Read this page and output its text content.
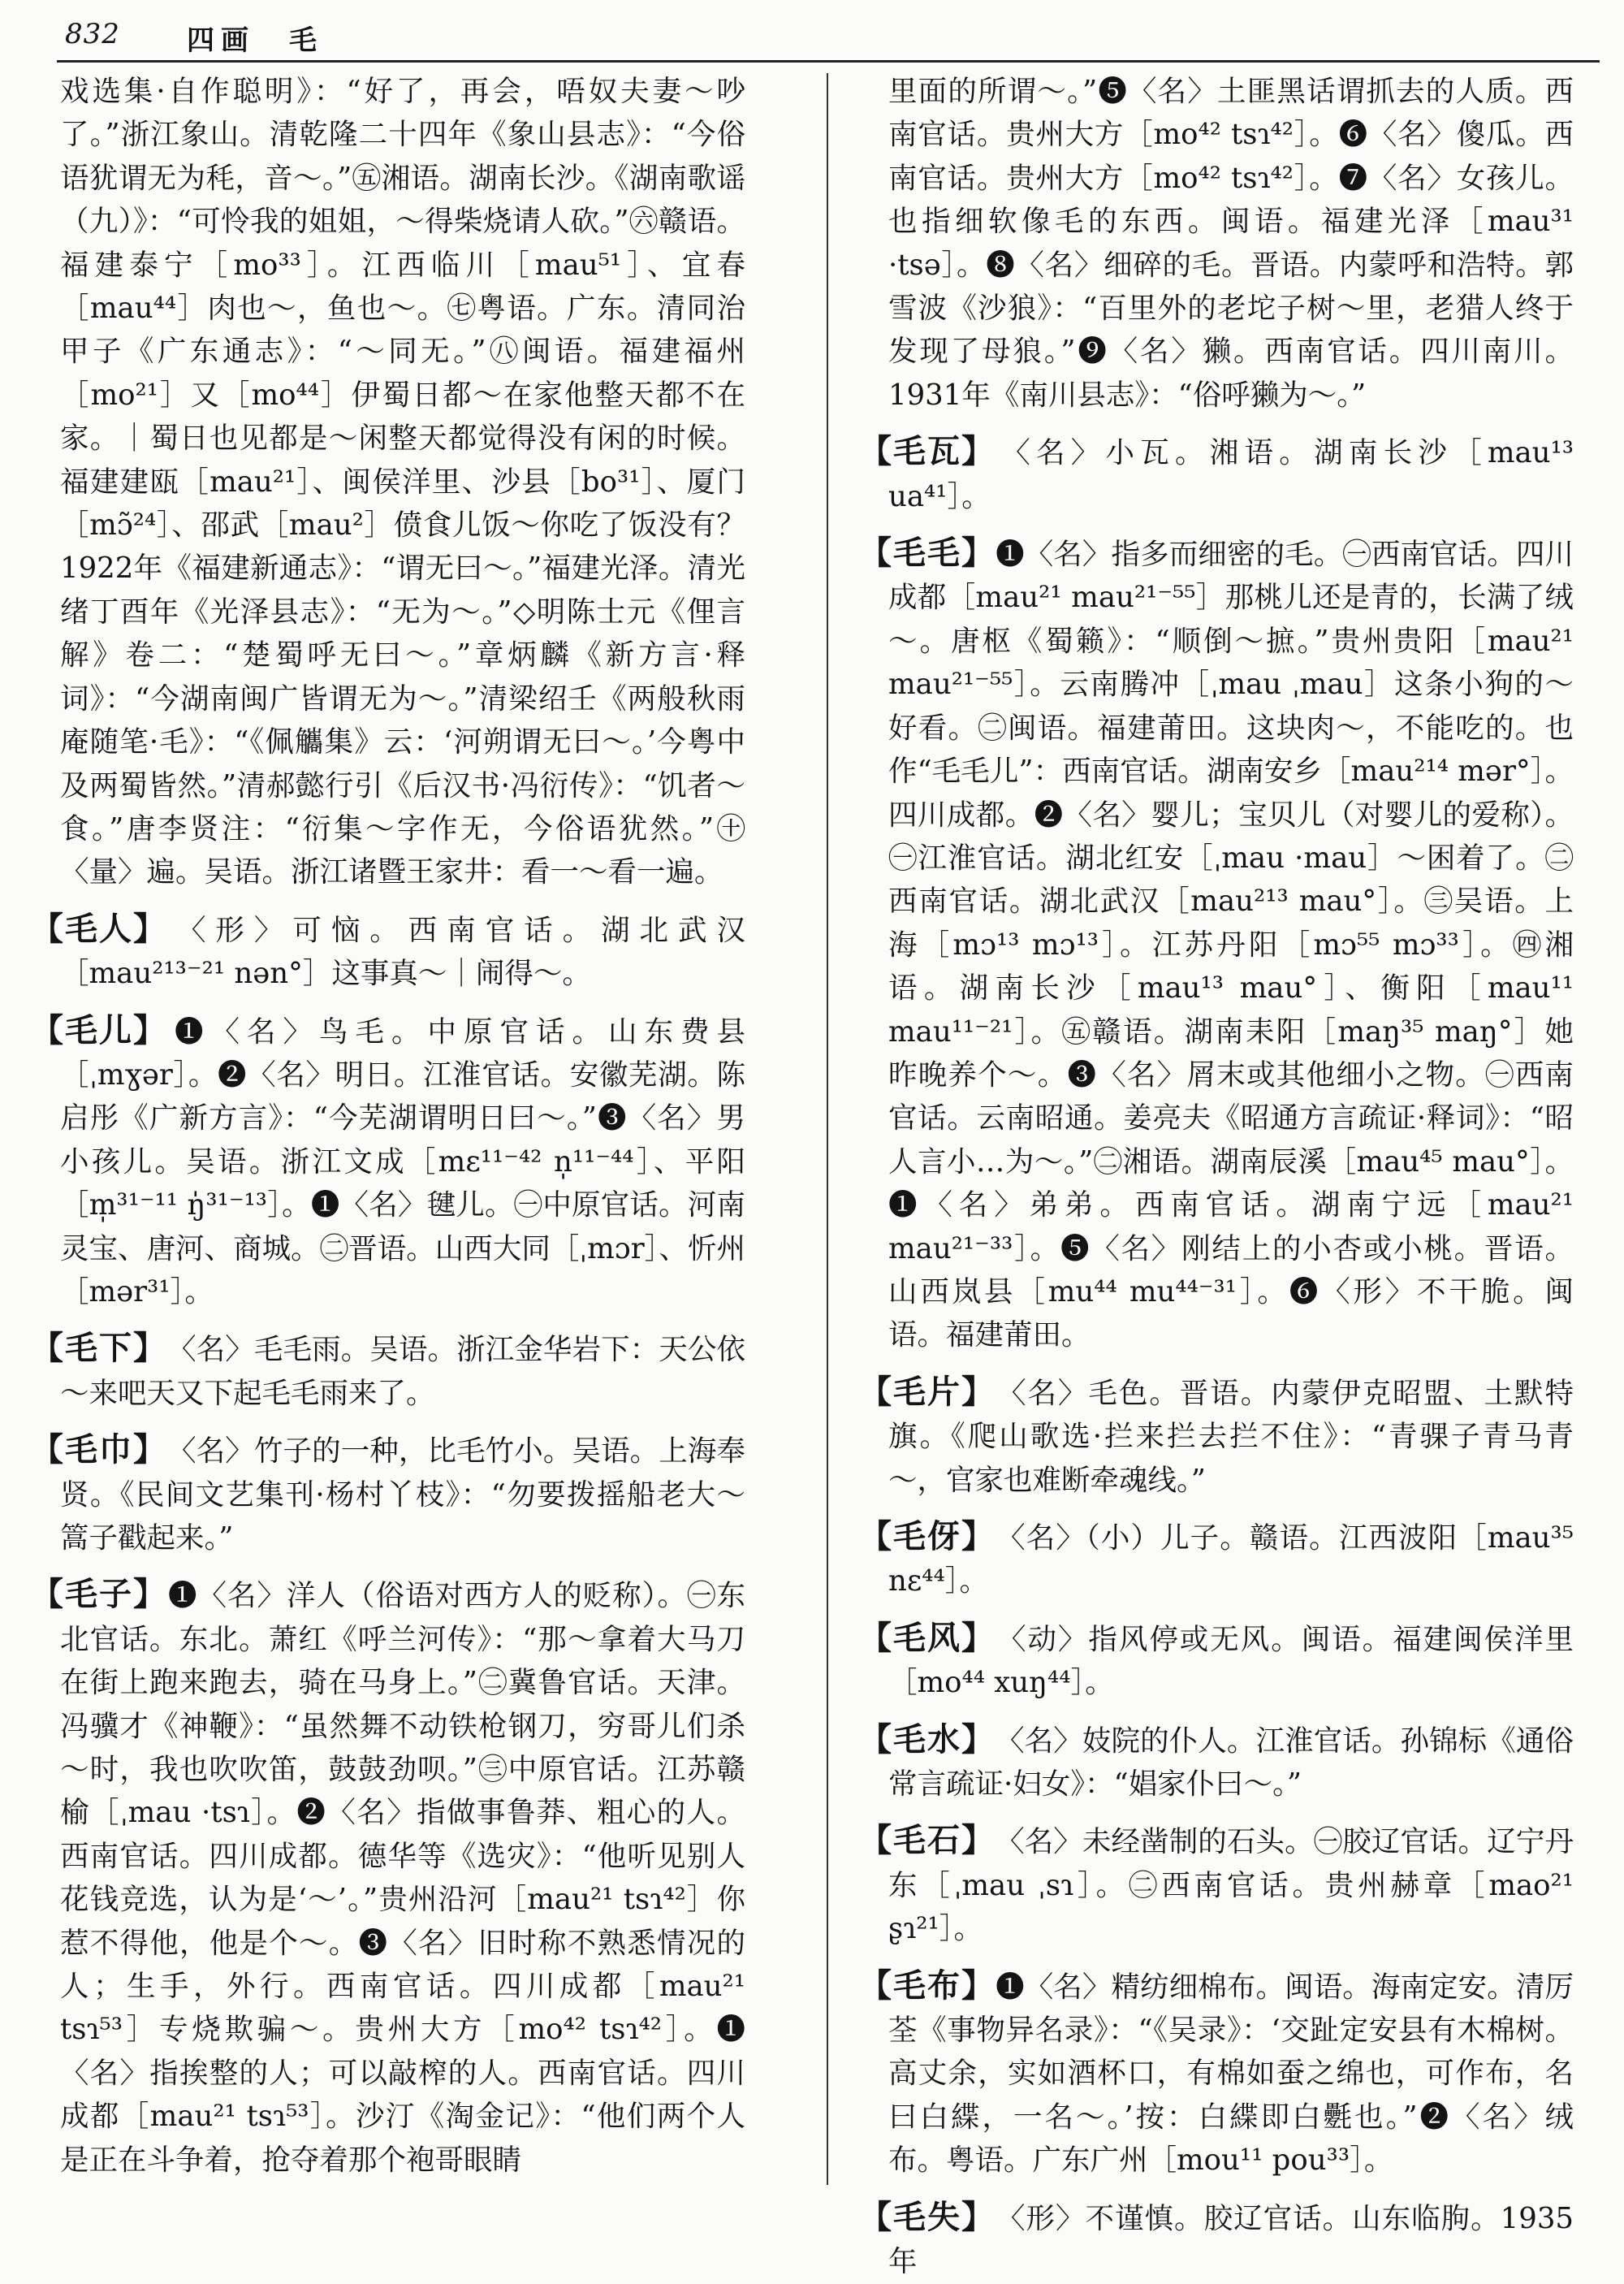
832 四画　毛

戏选集·自作聪明》：“好了，再会，唔奴夫妻～吵了。”浙江象山。清乾隆二十四年《象山县志》：“今俗语犹谓无为秏，音～。”㊄湘语。湖南长沙。《湖南歌谣（九）》：“可怜我的姐姐，～得柴烧请人砍。”㊅赣语。福建泰宁［mo³³］。江西临川［mau⁵¹］、宜春［mau⁴⁴］肉也～，鱼也～。㊆粤语。广东。清同治甲子《广东通志》：“～同无。”㊇闽语。福建福州［mo²¹］又［mo⁴⁴］伊蜀日都～在家他整天都不在家。｜蜀日也见都是～闲整天都觉得没有闲的时候。福建建瓯［mau²¹］、闽侯洋里、沙县［bo³¹］、厦门［mɔ̃²⁴］、邵武［mau²］偾食儿饭～你吃了饭没有？1922年《福建新通志》：“谓无曰～。”福建光泽。清光绪丁酉年《光泽县志》：“无为～。”◇明陈士元《俚言解》卷二：“楚蜀呼无曰～。”章炳麟《新方言·释词》：“今湖南闽广皆谓无为～。”清梁绍壬《两般秋雨庵随笔·毛》：“《佩觿集》云：‘河朔谓无曰～。’今粤中及两蜀皆然。”清郝懿行引《后汉书·冯衍传》：“饥者～食。”唐李贤注：“衍集～字作无，今俗语犹然。”㊉〈量〉遍。吴语。浙江诸暨王家井：看一～看一遍。

【毛人】〈形〉可恼。西南官话。湖北武汉［mau²¹³⁻²¹ nən°］这事真～｜闹得～。

【毛儿】❶〈名〉鸟毛。中原官话。山东费县［ˌmɣər］。❷〈名〉明日。江淮官话。安徽芜湖。陈启彤《广新方言》：“今芜湖谓明日曰～。”❸〈名〉男小孩儿。吴语。浙江文成［mɛ¹¹⁻⁴² n̩¹¹⁻⁴⁴］、平阳［m̩³¹⁻¹¹ ŋ̍³¹⁻¹³］。❶〈名〉毽儿。㊀中原官话。河南灵宝、唐河、商城。㊁晋语。山西大同［ˌmɔr］、忻州［mər³¹］。

【毛下】〈名〉毛毛雨。吴语。浙江金华岩下：天公依～来吧天又下起毛毛雨来了。

【毛巾】〈名〉竹子的一种，比毛竹小。吴语。上海奉贤。《民间文艺集刊·杨村丫枝》：“勿要拨摇船老大～篙子戳起来。”

【毛子】❶〈名〉洋人（俗语对西方人的贬称）。㊀东北官话。东北。萧红《呼兰河传》：“那～拿着大马刀在街上跑来跑去，骑在马身上。”㊁冀鲁官话。天津。冯骥才《神鞭》：“虽然舞不动铁枪钢刀，穷哥儿们杀～时，我也吹吹笛，鼓鼓劲呗。”㊂中原官话。江苏赣榆［ˌmau ·tsɿ］。❷〈名〉指做事鲁莽、粗心的人。西南官话。四川成都。德华等《选灾》：“他听见别人花钱竞选，认为是‘～’。”贵州沿河［mau²¹ tsɿ⁴²］你惹不得他，他是个～。❸〈名〉旧时称不熟悉情况的人；生手，外行。西南官话。四川成都［mau²¹ tsɿ⁵³］专烧欺骗～。贵州大方［mo⁴² tsɿ⁴²］。❶〈名〉指挨整的人；可以敲榨的人。西南官话。四川成都［mau²¹ tsɿ⁵³］。沙汀《淘金记》：“他们两个人是正在斗争着，抢夺着那个袍哥眼睛

里面的所谓～。”❺〈名〉土匪黑话谓抓去的人质。西南官话。贵州大方［mo⁴² tsɿ⁴²］。❻〈名〉傻瓜。西南官话。贵州大方［mo⁴² tsɿ⁴²］。❼〈名〉女孩儿。也指细软像毛的东西。闽语。福建光泽［mau³¹ ·tsə］。❽〈名〉细碎的毛。晋语。内蒙呼和浩特。郭雪波《沙狼》：“百里外的老坨子树～里，老猎人终于发现了母狼。”❾〈名〉獭。西南官话。四川南川。1931年《南川县志》：“俗呼獭为～。”

【毛瓦】〈名〉小瓦。湘语。湖南长沙［mau¹³ ua⁴¹］。

【毛毛】❶〈名〉指多而细密的毛。㊀西南官话。四川成都［mau²¹ mau²¹⁻⁵⁵］那桃儿还是青的，长满了绒～。唐枢《蜀籁》：“顺倒～摭。”贵州贵阳［mau²¹ mau²¹⁻⁵⁵］。云南腾冲［ˌmau ˌmau］这条小狗的～好看。㊁闽语。福建莆田。这块肉～，不能吃的。也作“毛毛儿”：西南官话。湖南安乡［mau²¹⁴ mər°］。四川成都。❷〈名〉婴儿；宝贝儿（对婴儿的爱称）。㊀江淮官话。湖北红安［ˌmau ·mau］～困着了。㊁西南官话。湖北武汉［mau²¹³ mau°］。㊂吴语。上海［mɔ¹³ mɔ¹³］。江苏丹阳［mɔ⁵⁵ mɔ³³］。㊃湘语。湖南长沙［mau¹³ mau°］、衡阳［mau¹¹ mau¹¹⁻²¹］。㊄赣语。湖南耒阳［maŋ³⁵ maŋ°］她昨晚养个～。❸〈名〉屑末或其他细小之物。㊀西南官话。云南昭通。姜亮夫《昭通方言疏证·释词》：“昭人言小…为～。”㊁湘语。湖南辰溪［mau⁴⁵ mau°］。❶〈名〉弟弟。西南官话。湖南宁远［mau²¹ mau²¹⁻³³］。❺〈名〉刚结上的小杏或小桃。晋语。山西岚县［mu⁴⁴ mu⁴⁴⁻³¹］。❻〈形〉不干脆。闽语。福建莆田。

【毛片】〈名〉毛色。晋语。内蒙伊克昭盟、土默特旗。《爬山歌选·拦来拦去拦不住》：“青骒子青马青～，官家也难断牵魂线。”

【毛伢】〈名〉（小）儿子。赣语。江西波阳［mau³⁵ nɛ⁴⁴］。

【毛风】〈动〉指风停或无风。闽语。福建闽侯洋里［mo⁴⁴ xuŋ⁴⁴］。

【毛水】〈名〉妓院的仆人。江淮官话。孙锦标《通俗常言疏证·妇女》：“娼家仆曰～。”

【毛石】〈名〉未经凿制的石头。㊀胶辽官话。辽宁丹东［ˌmau ˌsɿ］。㊁西南官话。贵州赫章［mao²¹ ʂɿ²¹］。

【毛布】❶〈名〉精纺细棉布。闽语。海南定安。清厉荃《事物异名录》：“《吴录》：‘交趾定安县有木棉树。高丈余，实如酒杯口，有棉如蚕之绵也，可作布，名曰白緤，一名～。’按：白緤即白氎也。”❷〈名〉绒布。粤语。广东广州［mou¹¹ pou³³］。

【毛失】〈形〉不谨慎。胶辽官话。山东临朐。1935年
